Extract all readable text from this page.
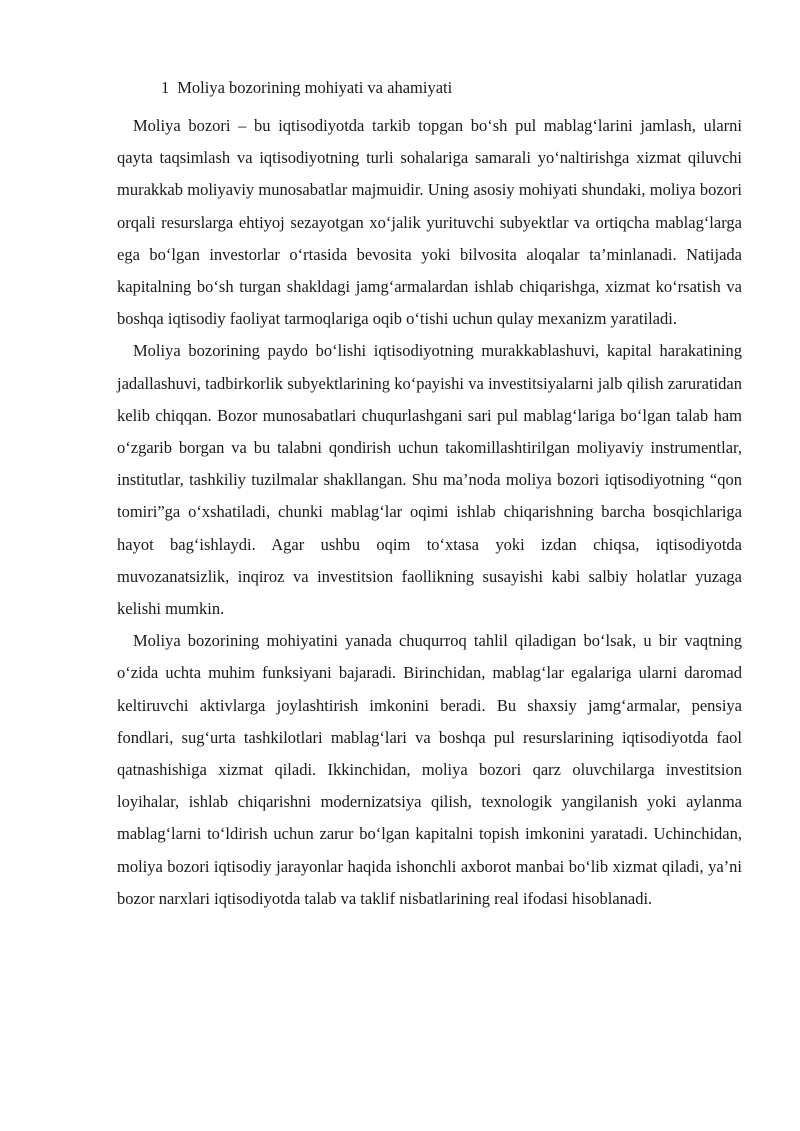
1 Moliya bozorining mohiyati va ahamiyati

Moliya bozori – bu iqtisodiyotda tarkib topgan bo‘sh pul mablag‘larini jamlash, ularni qayta taqsimlash va iqtisodiyotning turli sohalariga samarali yo‘naltirishga xizmat qiluvchi murakkab moliyaviy munosabatlar majmuidir. Uning asosiy mohiyati shundaki, moliya bozori orqali resurslarga ehtiyoj sezayotgan xo‘jalik yurituvchi subyektlar va ortiqcha mablag‘larga ega bo‘lgan investorlar o‘rtasida bevosita yoki bilvosita aloqalar ta’minlanadi. Natijada kapitalning bo‘sh turgan shakldagi jamg‘armalardan ishlab chiqarishga, xizmat ko‘rsatish va boshqa iqtisodiy faoliyat tarmoqlariga oqib o‘tishi uchun qulay mexanizm yaratiladi.

Moliya bozorining paydo bo‘lishi iqtisodiyotning murakkablashuvi, kapital harakatining jadallashuvi, tadbirkorlik subyektlarining ko‘payishi va investitsiyalarni jalb qilish zaruratidan kelib chiqqan. Bozor munosabatlari chuqurlashgani sari pul mablag‘lariga bo‘lgan talab ham o‘zgarib borgan va bu talabni qondirish uchun takomillashtirilgan moliyaviy instrumentlar, institutlar, tashkiliy tuzilmalar shakllangan. Shu ma’noda moliya bozori iqtisodiyotning “qon tomiri”ga o‘xshatiladi, chunki mablag‘lar oqimi ishlab chiqarishning barcha bosqichlariga hayot bag‘ishlaydi. Agar ushbu oqim to‘xtasa yoki izdan chiqsa, iqtisodiyotda muvozanatsizlik, inqiroz va investitsion faollikning susayishi kabi salbiy holatlar yuzaga kelishi mumkin.

Moliya bozorining mohiyatini yanada chuqurroq tahlil qiladigan bo‘lsak, u bir vaqtning o‘zida uchta muhim funksiyani bajaradi. Birinchidan, mablag‘lar egalariga ularni daromad keltiruvchi aktivlarga joylashtirish imkonini beradi. Bu shaxsiy jamg‘armalar, pensiya fondlari, sug‘urta tashkilotlari mablag‘lari va boshqa pul resurslarining iqtisodiyotda faol qatnashishiga xizmat qiladi. Ikkinchidan, moliya bozori qarz oluvchilarga investitsion loyihalar, ishlab chiqarishni modernizatsiya qilish, texnologik yangilanish yoki aylanma mablag‘larni to‘ldirish uchun zarur bo‘lgan kapitalni topish imkonini yaratadi. Uchinchidan, moliya bozori iqtisodiy jarayonlar haqida ishonchli axborot manbai bo‘lib xizmat qiladi, ya’ni bozor narxlari iqtisodiyotda talab va taklif nisbatlarining real ifodasi hisoblanadi.
